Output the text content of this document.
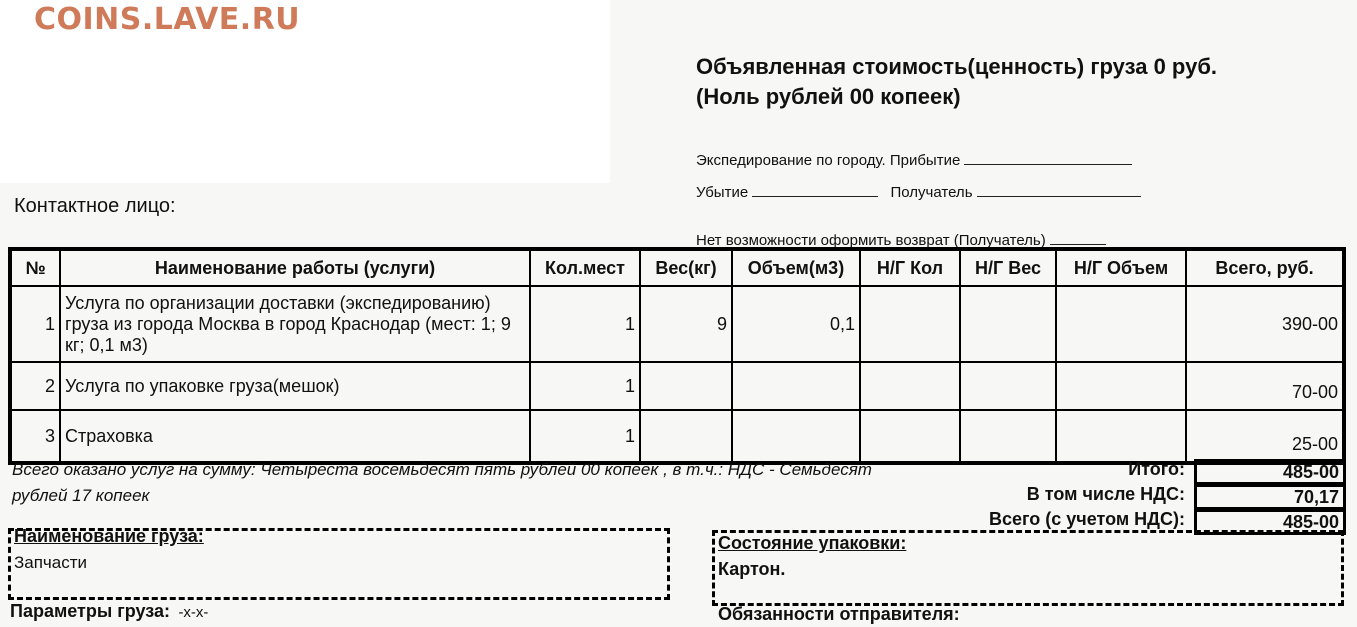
COINS.LAVE.RU
Объявленная стоимость(ценность) груза 0 руб.(Ноль рублей 00 копеек)
Экспедирование по городу. Прибытие
Убытие	Получатель
Нет возможности оформить возврат (Получатель)
Контактное лицо:
№	Наименование работы (услуги)	Кол.мест	Вес(кг)	Объем(м3)	Н/Г Кол	Н/Г Вес	Н/Г Объем	Всего, руб.
1	Услуга по организации доставки (экспедированию) груза из города Москва в город Краснодар (мест: 1; 9 кг; 0,1 м3)	1	9	0,1				390-00
2	Услуга по упаковке груза(мешок)	1						70-00
3	Страховка	1						25-00
Всего оказано услуг на сумму: Четыреста восемьдесят пять рублей 00 копеек , в т.ч.: НДС - Семьдесят рублей 17 копеек
Итого:	485-00
В том числе НДС:	70,17
Всего (с учетом НДС):	485-00
Наименование груза:
Запчасти
Параметры груза: -x-x-
Состояние упаковки:
Картон.
Обязанности отправителя:
